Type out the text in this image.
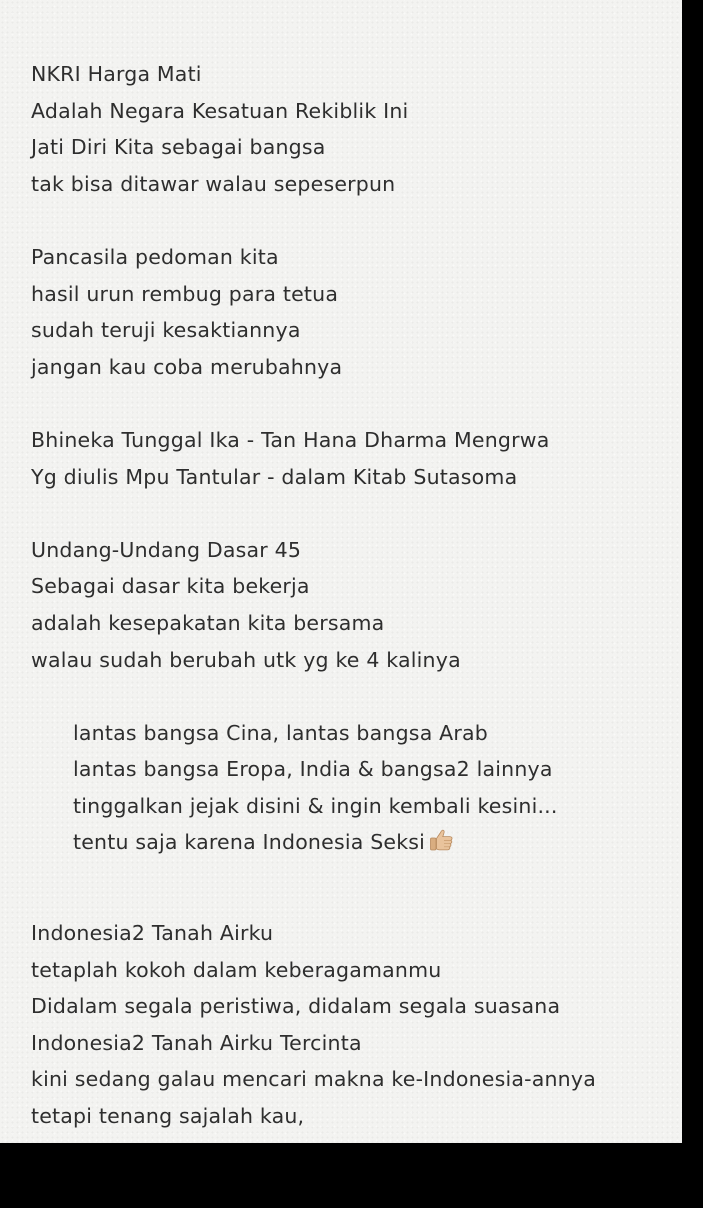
NKRI Harga Mati
Adalah Negara Kesatuan Rekiblik Ini
Jati Diri Kita sebagai bangsa
tak bisa ditawar walau sepeserpun
Pancasila pedoman kita
hasil urun rembug para tetua
sudah teruji kesaktiannya
jangan kau coba merubahnya
Bhineka Tunggal Ika - Tan Hana Dharma Mengrwa
Yg diulis Mpu Tantular - dalam Kitab Sutasoma
Undang-Undang Dasar 45
Sebagai dasar kita bekerja
adalah kesepakatan kita bersama
walau sudah berubah utk yg ke 4 kalinya
lantas bangsa Cina, lantas bangsa Arab
lantas bangsa Eropa, India & bangsa2 lainnya
tinggalkan jejak disini & ingin kembali kesini...
tentu saja karena Indonesia Seksi
Indonesia2 Tanah Airku
tetaplah kokoh dalam keberagamanmu
Didalam segala peristiwa, didalam segala suasana
Indonesia2 Tanah Airku Tercinta
kini sedang galau mencari makna ke-Indonesia-annya
tetapi tenang sajalah kau,
